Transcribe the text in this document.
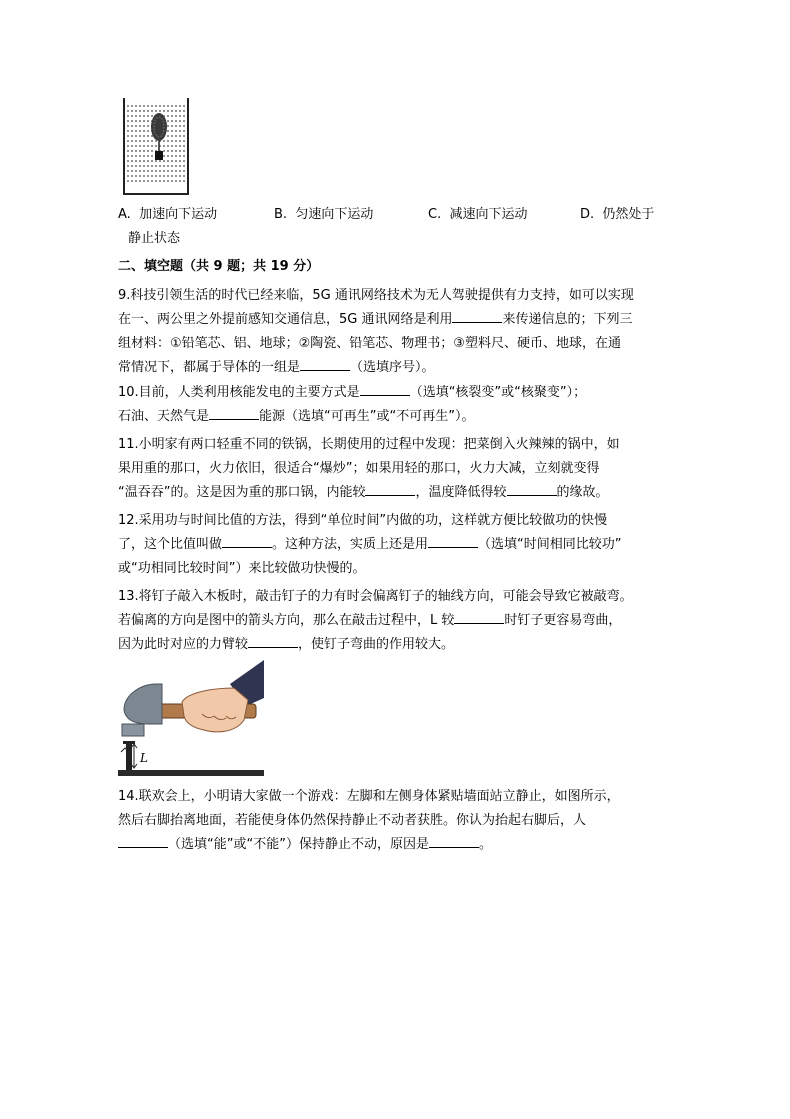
A. 加速向下运动	B. 匀速向下运动	C. 减速向下运动	D. 仍然处于
静止状态
二、填空题（共 9 题；共 19 分）
9.科技引领生活的时代已经来临，5G 通讯网络技术为无人驾驶提供有力支持，如可以实现
在一、两公里之外提前感知交通信息，5G 通讯网络是利用	来传递信息的；下列三
组材料：①铅笔芯、铝、地球；②陶瓷、铅笔芯、物理书；③塑料尺、硬币、地球，在通
常情况下，都属于导体的一组是	（选填序号）。
10.目前，人类利用核能发电的主要方式是	（选填“核裂变”或“核聚变”）；
石油、天然气是	能源（选填“可再生”或“不可再生”）。
11.小明家有两口轻重不同的铁锅，长期使用的过程中发现：把菜倒入火辣辣的锅中，如
果用重的那口，火力依旧，很适合“爆炒”；如果用轻的那口，火力大减，立刻就变得
“温吞吞”的。这是因为重的那口锅，内能较	，温度降低得较	的缘故。
12.采用功与时间比值的方法，得到“单位时间”内做的功，这样就方便比较做功的快慢
了，这个比值叫做	。这种方法，实质上还是用	（选填“时间相同比较功”
或“功相同比较时间”）来比较做功快慢的。
13.将钉子敲入木板时，敲击钉子的力有时会偏离钉子的轴线方向，可能会导致它被敲弯。
若偏离的方向是图中的箭头方向，那么在敲击过程中，L 较	时钉子更容易弯曲，
因为此时对应的力臂较	，使钉子弯曲的作用较大。
L
14.联欢会上，小明请大家做一个游戏：左脚和左侧身体紧贴墙面站立静止，如图所示，
然后右脚抬离地面，若能使身体仍然保持静止不动者获胜。你认为抬起右脚后，人
（选填“能”或“不能”）保持静止不动，原因是	。
